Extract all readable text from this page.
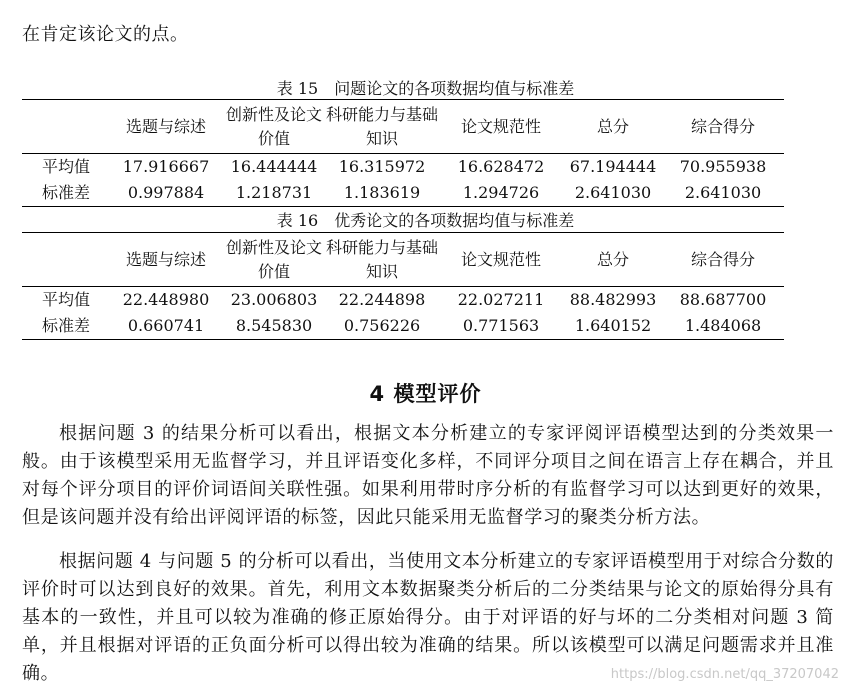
在肯定该论文的点。
表 15　问题论文的各项数据均值与标准差
	选题与综述	创新性及论文价值	科研能力与基础知识	论文规范性	总分	综合得分
平均值	17.916667	16.444444	16.315972	16.628472	67.194444	70.955938
标准差	0.997884	1.218731	1.183619	1.294726	2.641030	2.641030
表 16　优秀论文的各项数据均值与标准差
	选题与综述	创新性及论文价值	科研能力与基础知识	论文规范性	总分	综合得分
平均值	22.448980	23.006803	22.244898	22.027211	88.482993	88.687700
标准差	0.660741	8.545830	0.756226	0.771563	1.640152	1.484068
4 模型评价

根据问题 3 的结果分析可以看出，根据文本分析建立的专家评阅评语模型达到的分类效果一般。由于该模型采用无监督学习，并且评语变化多样，不同评分项目之间在语言上存在耦合，并且对每个评分项目的评价词语间关联性强。如果利用带时序分析的有监督学习可以达到更好的效果，但是该问题并没有给出评阅评语的标签，因此只能采用无监督学习的聚类分析方法。

根据问题 4 与问题 5 的分析可以看出，当使用文本分析建立的专家评语模型用于对综合分数的评价时可以达到良好的效果。首先，利用文本数据聚类分析后的二分类结果与论文的原始得分具有基本的一致性，并且可以较为准确的修正原始得分。由于对评语的好与坏的二分类相对问题 3 简单，并且根据对评语的正负面分析可以得出较为准确的结果。所以该模型可以满足问题需求并且准确。	https://blog.csdn.net/qq_37207042
